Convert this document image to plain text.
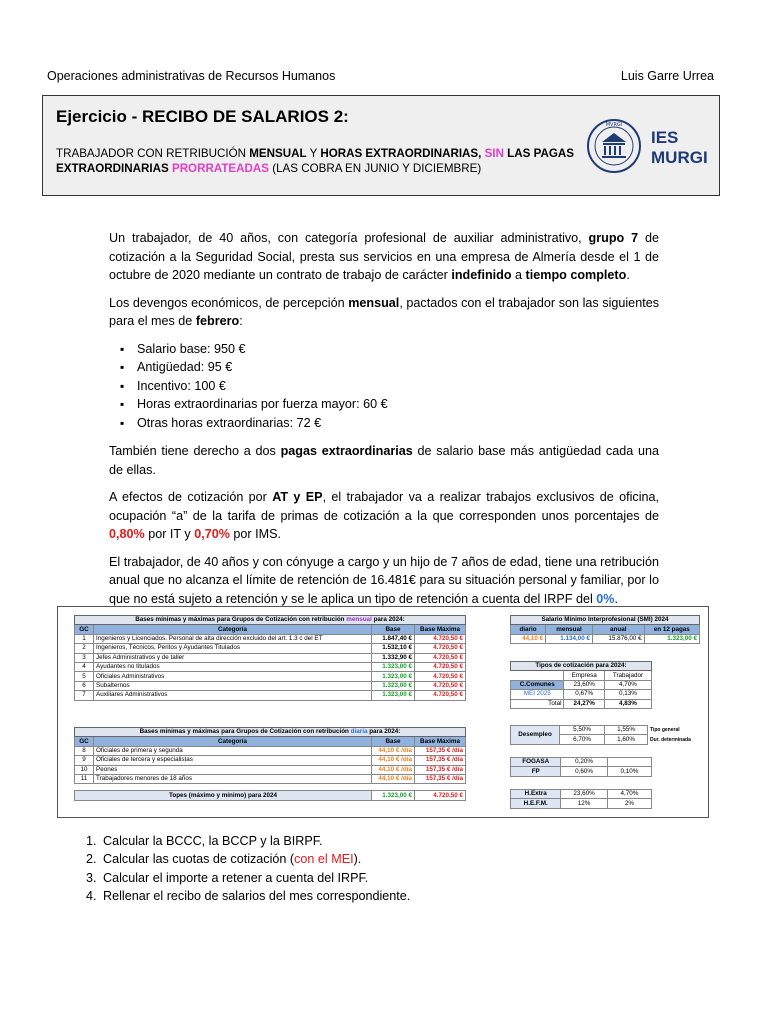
Operaciones administrativas de Recursos Humanos	Luis Garre Urrea
Ejercicio - RECIBO DE SALARIOS 2:
TRABAJADOR CON RETRIBUCIÓN MENSUAL Y HORAS EXTRAORDINARIAS, SIN LAS PAGAS EXTRAORDINARIAS PRORRATEADAS (LAS COBRA EN JUNIO Y DICIEMBRE)
MVRGI
IES
MURGI

Un trabajador, de 40 años, con categoría profesional de auxiliar administrativo, grupo 7 de cotización a la Seguridad Social, presta sus servicios en una empresa de Almería desde el 1 de octubre de 2020 mediante un contrato de trabajo de carácter indefinido a tiempo completo.

Los devengos económicos, de percepción mensual, pactados con el trabajador son las siguientes para el mes de febrero:

▪ Salario base: 950 €
▪ Antigüedad: 95 €
▪ Incentivo: 100 €
▪ Horas extraordinarias por fuerza mayor: 60 €
▪ Otras horas extraordinarias: 72 €

También tiene derecho a dos pagas extraordinarias de salario base más antigüedad cada una de ellas.

A efectos de cotización por AT y EP, el trabajador va a realizar trabajos exclusivos de oficina, ocupación “a” de la tarifa de primas de cotización a la que corresponden unos porcentajes de 0,80% por IT y 0,70% por IMS.

El trabajador, de 40 años y con cónyuge a cargo y un hijo de 7 años de edad, tiene una retribución anual que no alcanza el límite de retención de 16.481€ para su situación personal y familiar, por lo que no está sujeto a retención y se le aplica un tipo de retención a cuenta del IRPF del 0%.

Bases mínimas y máximas para Grupos de Cotización con retribución mensual para 2024:			
GC	Categoría	Base	Base Máxima
1	Ingenieros y Licenciados. Personal de alta dirección excluido del art. 1.3 c del ET	1.847,40 €	4.720,50 €
2	Ingenieros, Técnicos, Peritos y Ayudantes Titulados	1.532,10 €	4.720,50 €
3	Jefes Administrativos y de taller	1.332,90 €	4.720,50 €
4	Ayudantes no titulados	1.323,00 €	4.720,50 €
5	Oficiales Administrativos	1.323,00 €	4.720,50 €
6	Subalternos	1.323,00 €	4.720,50 €
7	Auxiliares Administrativos	1.323,00 €	4.720,50 €
Bases mínimas y máximas para Grupos de Cotización con retribución diaria para 2024:			
GC	Categoría	Base	Base Máxima
8	Oficiales de primera y segunda	44,10 € /día	157,35 € /día
9	Oficiales de tercera y especialistas	44,10 € /día	157,35 € /día
10	Peones	44,10 € /día	157,35 € /día
11	Trabajadores menores de 18 años	44,10 € /día	157,35 € /día

Topes (máximo y mínimo) para 2024		1.323,00 €	4.720,50 €
Salario Mínimo Interprofesional (SMI) 2024			
diario	mensual	anual	en 12 pagas
44,10 €	1.134,00 €	15.876,00 €	1.323,00 €
Tipos de cotización para 2024:		
	Empresa	Trabajador
C.Comunes	23,60%	4,70%
MEI 2025	0,67%	0,13%
Total	24,27%	4,83%
Desempleo	5,50%	1,55%	Tipo general
	6,70%	1,60%	Dur. determinada
FOGASA	0,20%	
FP	0,60%	0,10%
H.Extra	23,60%	4,70%
H.E.F.M.	12%	2%
1. Calcular la BCCC, la BCCP y la BIRPF.
2. Calcular las cuotas de cotización (con el MEI).
3. Calcular el importe a retener a cuenta del IRPF.
4. Rellenar el recibo de salarios del mes correspondiente.
